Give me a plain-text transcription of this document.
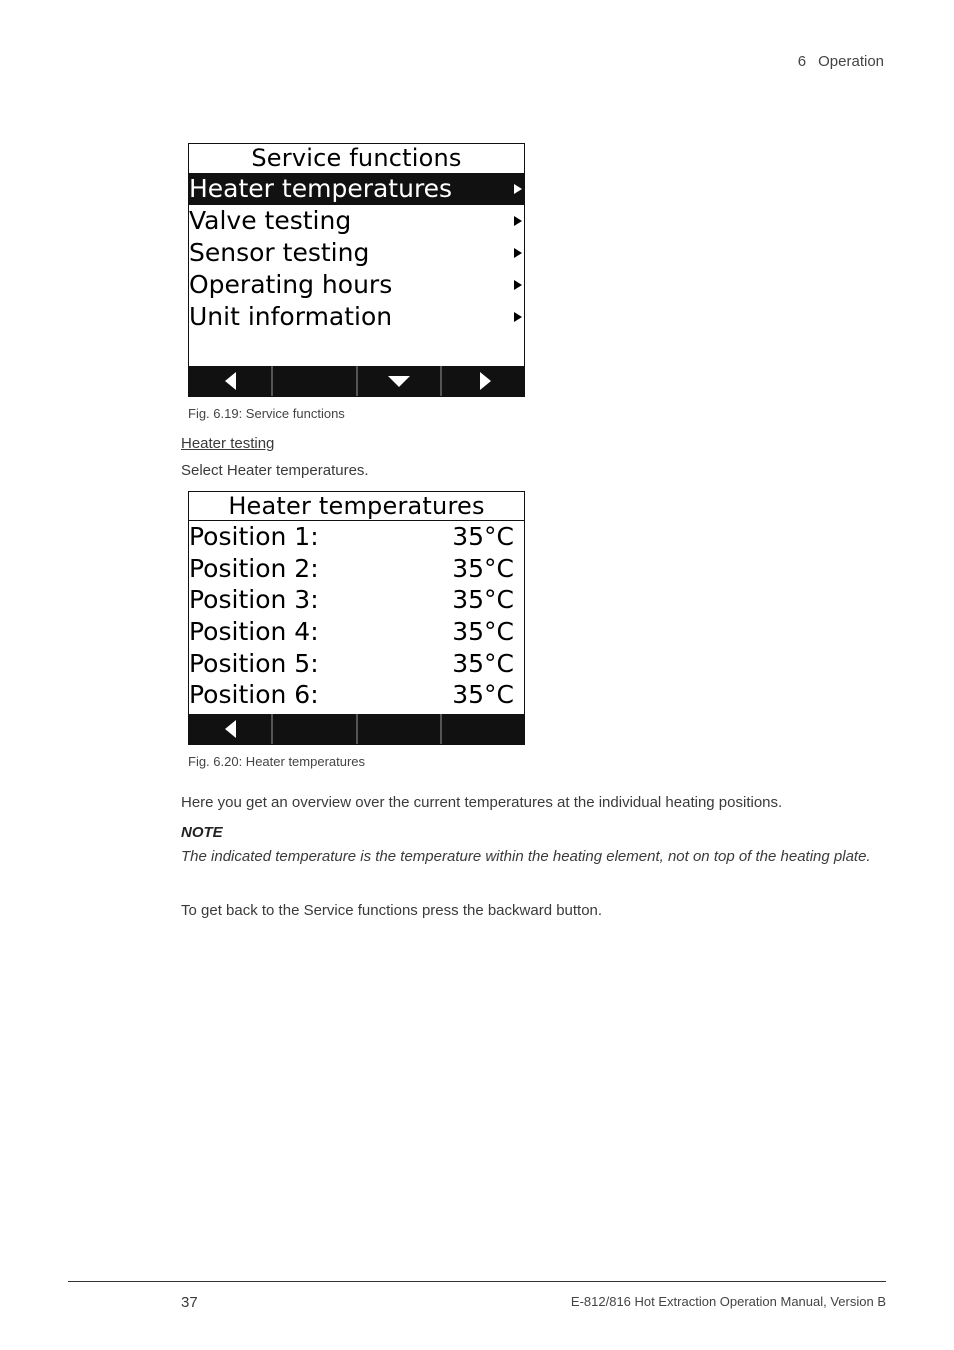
6 Operation
Service functions
Heater temperatures
Valve testing
Sensor testing
Operating hours
Unit information
Fig. 6.19: Service functions
Heater testing
Select Heater temperatures.
Heater temperatures
Position 1:	35°C
Position 2:	35°C
Position 3:	35°C
Position 4:	35°C
Position 5:	35°C
Position 6:	35°C
Fig. 6.20: Heater temperatures
Here you get an overview over the current temperatures at the individual heating positions.
NOTE
The indicated temperature is the temperature within the heating element, not on top of the heating plate.
To get back to the Service functions press the backward button.
37	E-812/816 Hot Extraction Operation Manual, Version B
